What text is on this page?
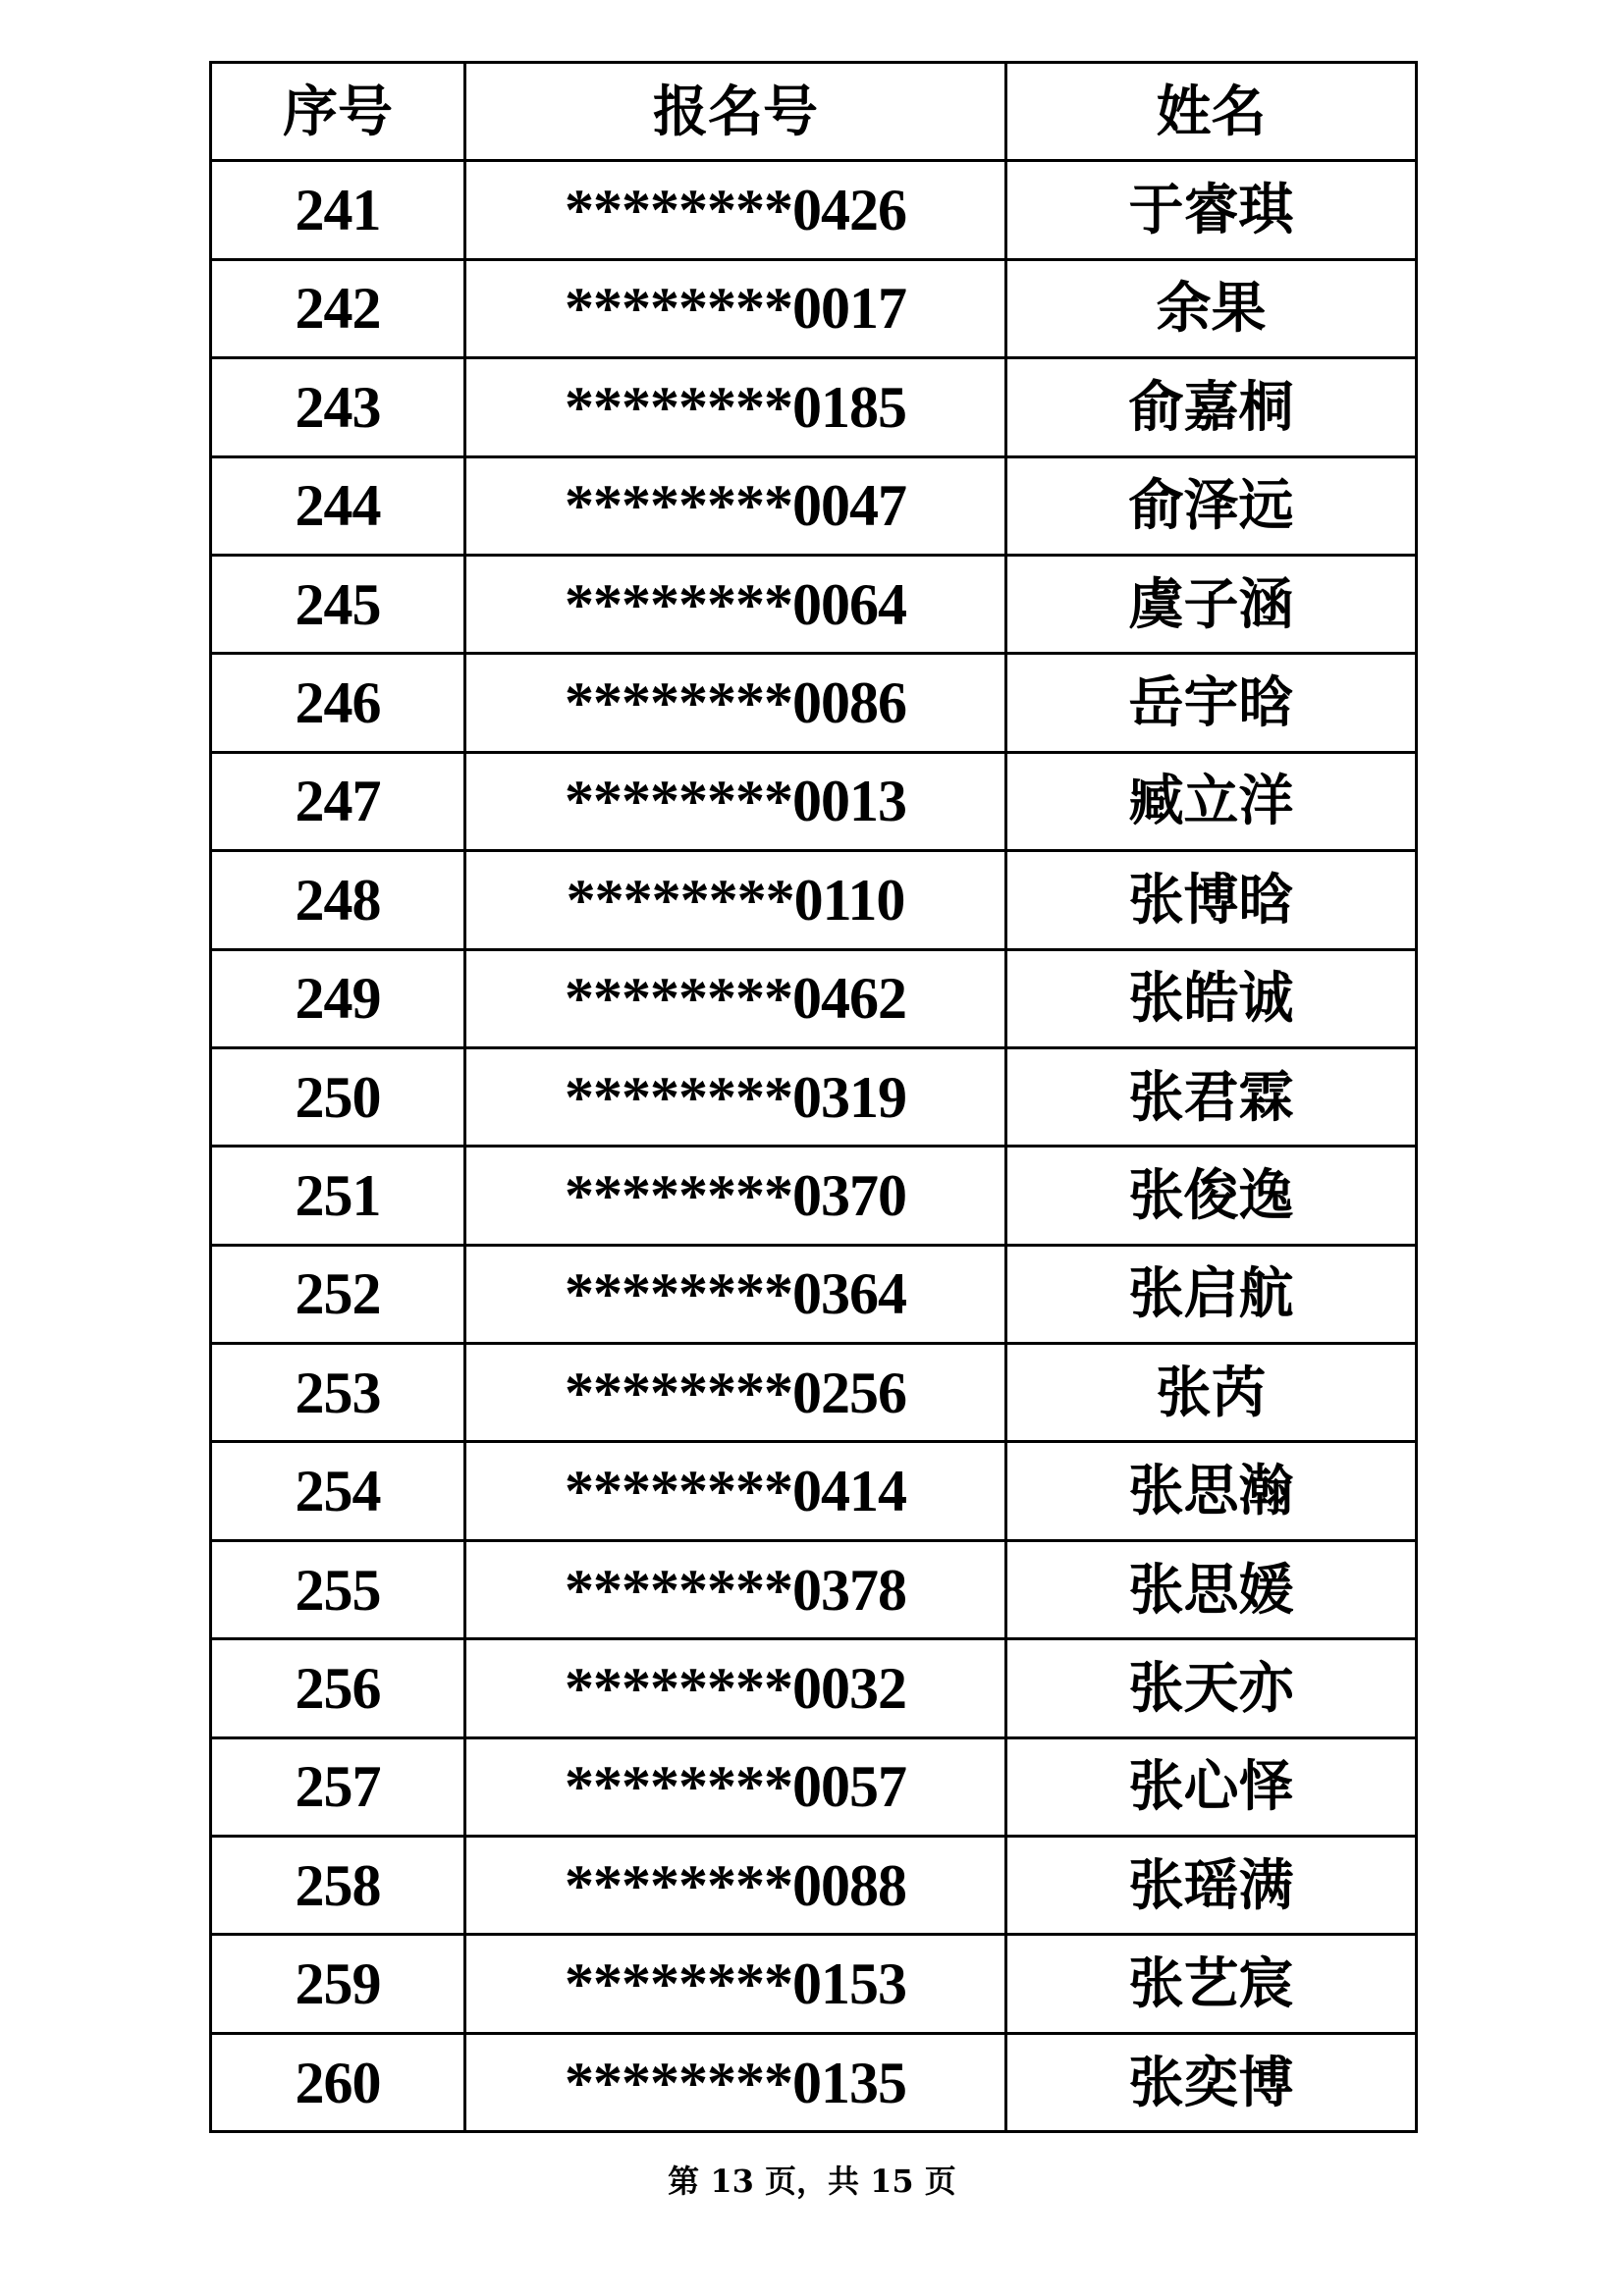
序号	报名号	姓名
241	********0426	于睿琪
242	********0017	余果
243	********0185	俞嘉桐
244	********0047	俞泽远
245	********0064	虞子涵
246	********0086	岳宇晗
247	********0013	臧立洋
248	********0110	张博晗
249	********0462	张皓诚
250	********0319	张君霖
251	********0370	张俊逸
252	********0364	张启航
253	********0256	张芮
254	********0414	张思瀚
255	********0378	张思媛
256	********0032	张天亦
257	********0057	张心怿
258	********0088	张瑶满
259	********0153	张艺宸
260	********0135	张奕博
第 13 页，共 15 页
